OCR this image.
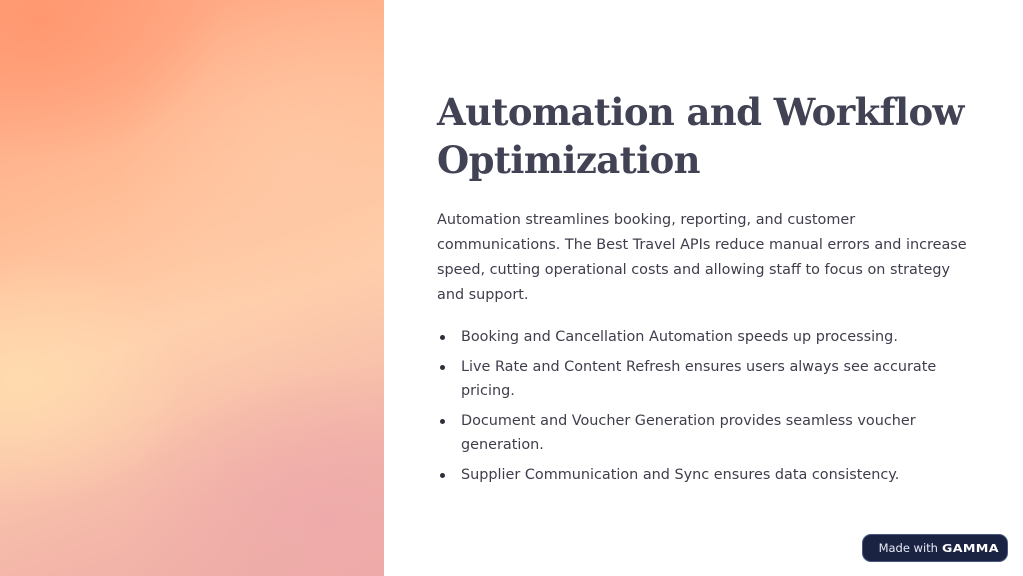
Automation and Workflow Optimization

Automation streamlines booking, reporting, and customer communications. The Best Travel APIs reduce manual errors and increase speed, cutting operational costs and allowing staff to focus on strategy and support.

Booking and Cancellation Automation speeds up processing.
Live Rate and Content Refresh ensures users always see accurate pricing.
Document and Voucher Generation provides seamless voucher generation.
Supplier Communication and Sync ensures data consistency.
Made with GAMMA
